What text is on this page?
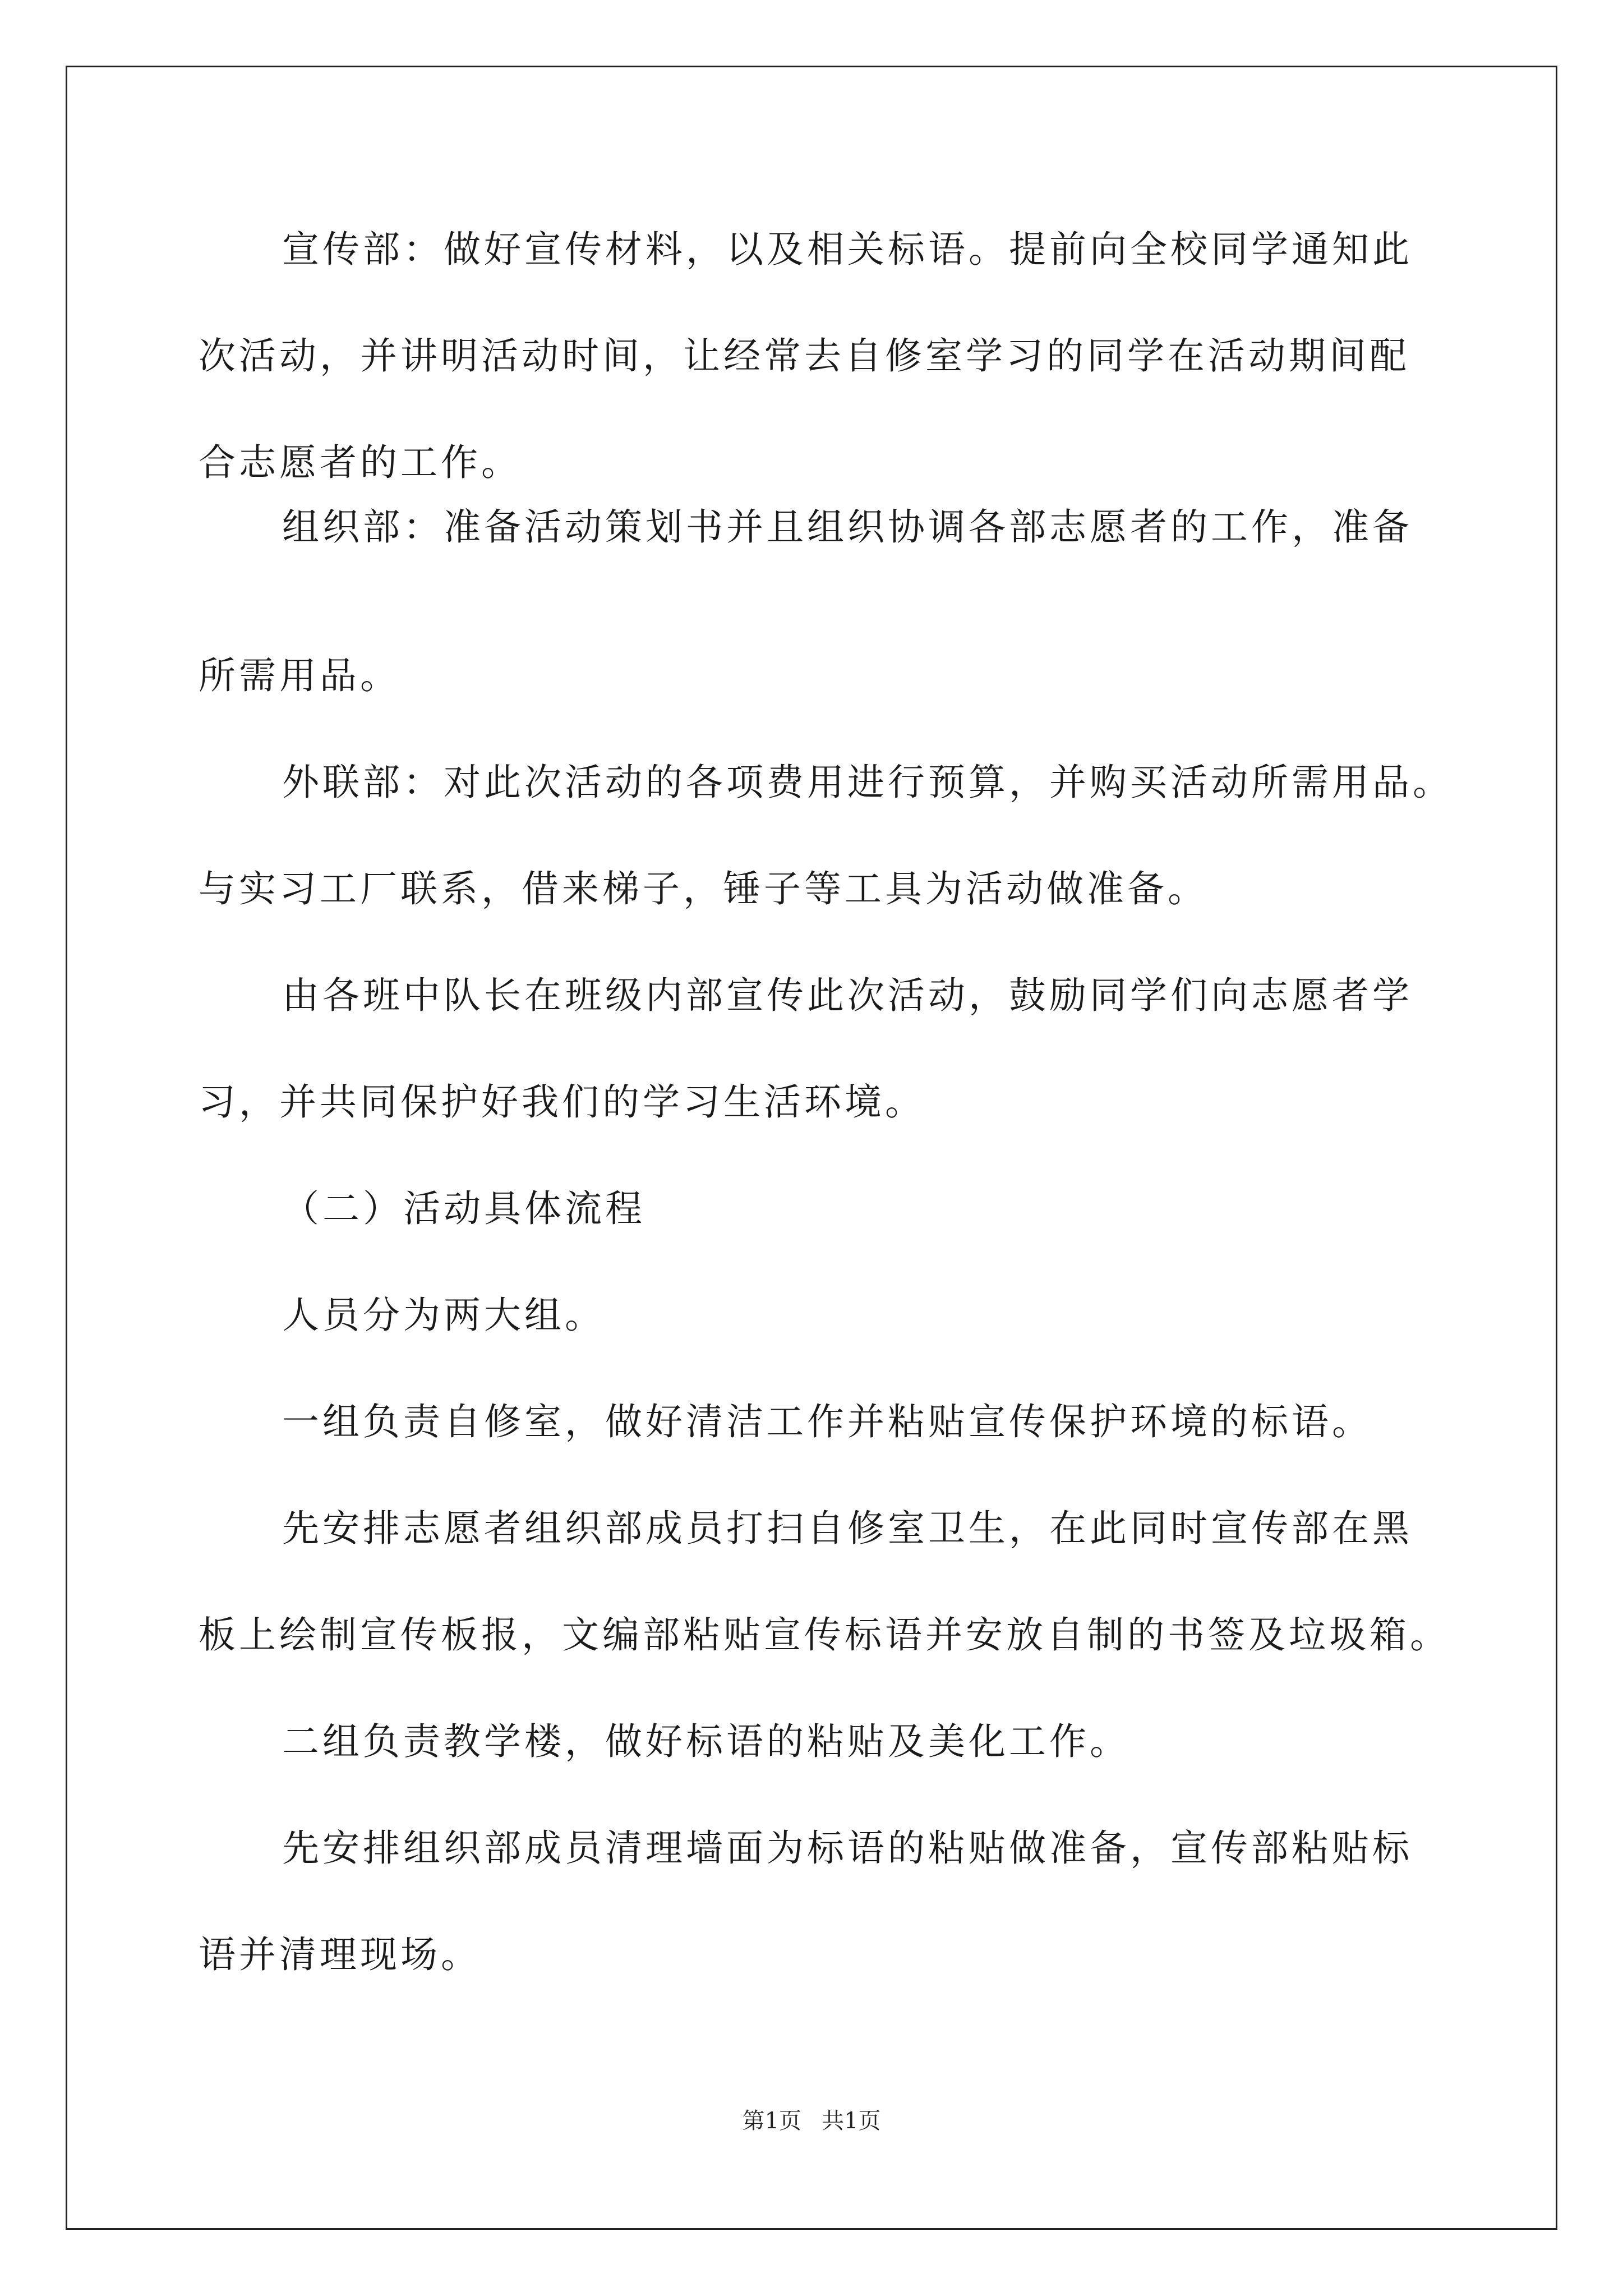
宣传部：做好宣传材料，以及相关标语。提前向全校同学通知此
次活动，并讲明活动时间，让经常去自修室学习的同学在活动期间配
合志愿者的工作。
组织部：准备活动策划书并且组织协调各部志愿者的工作，准备
所需用品。
外联部：对此次活动的各项费用进行预算，并购买活动所需用品。
与实习工厂联系，借来梯子，锤子等工具为活动做准备。
由各班中队长在班级内部宣传此次活动，鼓励同学们向志愿者学
习，并共同保护好我们的学习生活环境。
（二）活动具体流程
人员分为两大组。
一组负责自修室，做好清洁工作并粘贴宣传保护环境的标语。
先安排志愿者组织部成员打扫自修室卫生，在此同时宣传部在黑
板上绘制宣传板报，文编部粘贴宣传标语并安放自制的书签及垃圾箱。
二组负责教学楼，做好标语的粘贴及美化工作。
先安排组织部成员清理墙面为标语的粘贴做准备，宣传部粘贴标
语并清理现场。
第1页 共1页
